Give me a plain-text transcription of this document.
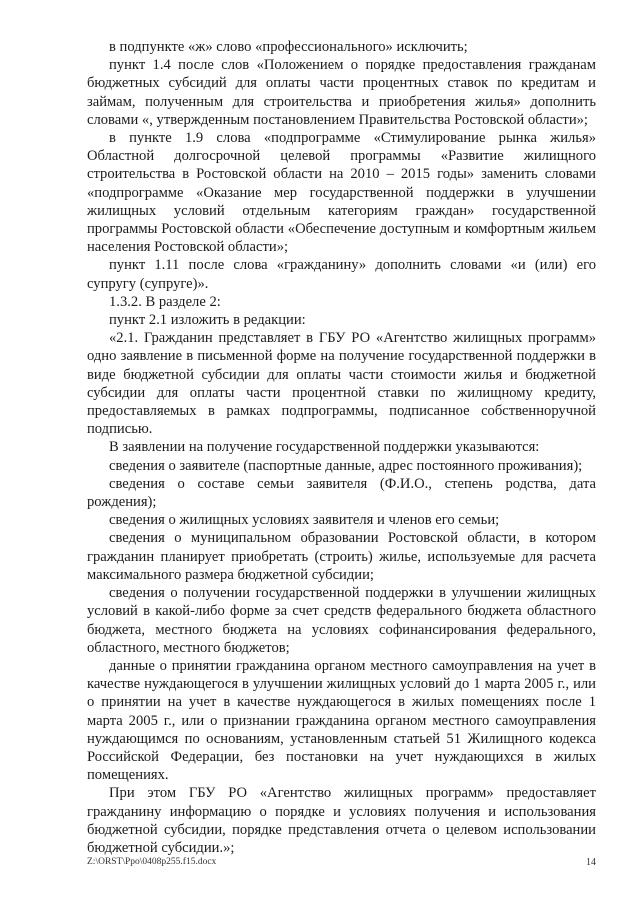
в подпункте «ж» слово «профессионального» исключить;

пункт 1.4 после слов «Положением о порядке предоставления гражданам бюджетных субсидий для оплаты части процентных ставок по кредитам и займам, полученным для строительства и приобретения жилья» дополнить словами «, утвержденным постановлением Правительства Ростовской области»;

в пункте 1.9 слова «подпрограмме «Стимулирование рынка жилья» Областной долгосрочной целевой программы «Развитие жилищного строительства в Ростовской области на 2010 – 2015 годы» заменить словами «подпрограмме «Оказание мер государственной поддержки в улучшении жилищных условий отдельным категориям граждан» государственной программы Ростовской области «Обеспечение доступным и комфортным жильем населения Ростовской области»;

пункт 1.11 после слова «гражданину» дополнить словами «и (или) его супругу (супруге)».

1.3.2. В разделе 2:

пункт 2.1 изложить в редакции:

«2.1. Гражданин представляет в ГБУ РО «Агентство жилищных программ» одно заявление в письменной форме на получение государственной поддержки в виде бюджетной субсидии для оплаты части стоимости жилья и бюджетной субсидии для оплаты части процентной ставки по жилищному кредиту, предоставляемых в рамках подпрограммы, подписанное собственноручной подписью.

В заявлении на получение государственной поддержки указываются:

сведения о заявителе (паспортные данные, адрес постоянного проживания);

сведения о составе семьи заявителя (Ф.И.О., степень родства, дата рождения);

сведения о жилищных условиях заявителя и членов его семьи;

сведения о муниципальном образовании Ростовской области, в котором гражданин планирует приобретать (строить) жилье, используемые для расчета максимального размера бюджетной субсидии;

сведения о получении государственной поддержки в улучшении жилищных условий в какой-либо форме за счет средств федерального бюджета областного бюджета, местного бюджета на условиях софинансирования федерального, областного, местного бюджетов;

данные о принятии гражданина органом местного самоуправления на учет в качестве нуждающегося в улучшении жилищных условий до 1 марта 2005 г., или о принятии на учет в качестве нуждающегося в жилых помещениях после 1 марта 2005 г., или о признании гражданина органом местного самоуправления нуждающимся по основаниям, установленным статьей 51 Жилищного кодекса Российской Федерации, без постановки на учет нуждающихся в жилых помещениях.

При этом ГБУ РО «Агентство жилищных программ» предоставляет гражданину информацию о порядке и условиях получения и использования бюджетной субсидии, порядке представления отчета о целевом использовании бюджетной субсидии.»;

Z:\ORST\Ppo\0408p255.f15.docx	14
